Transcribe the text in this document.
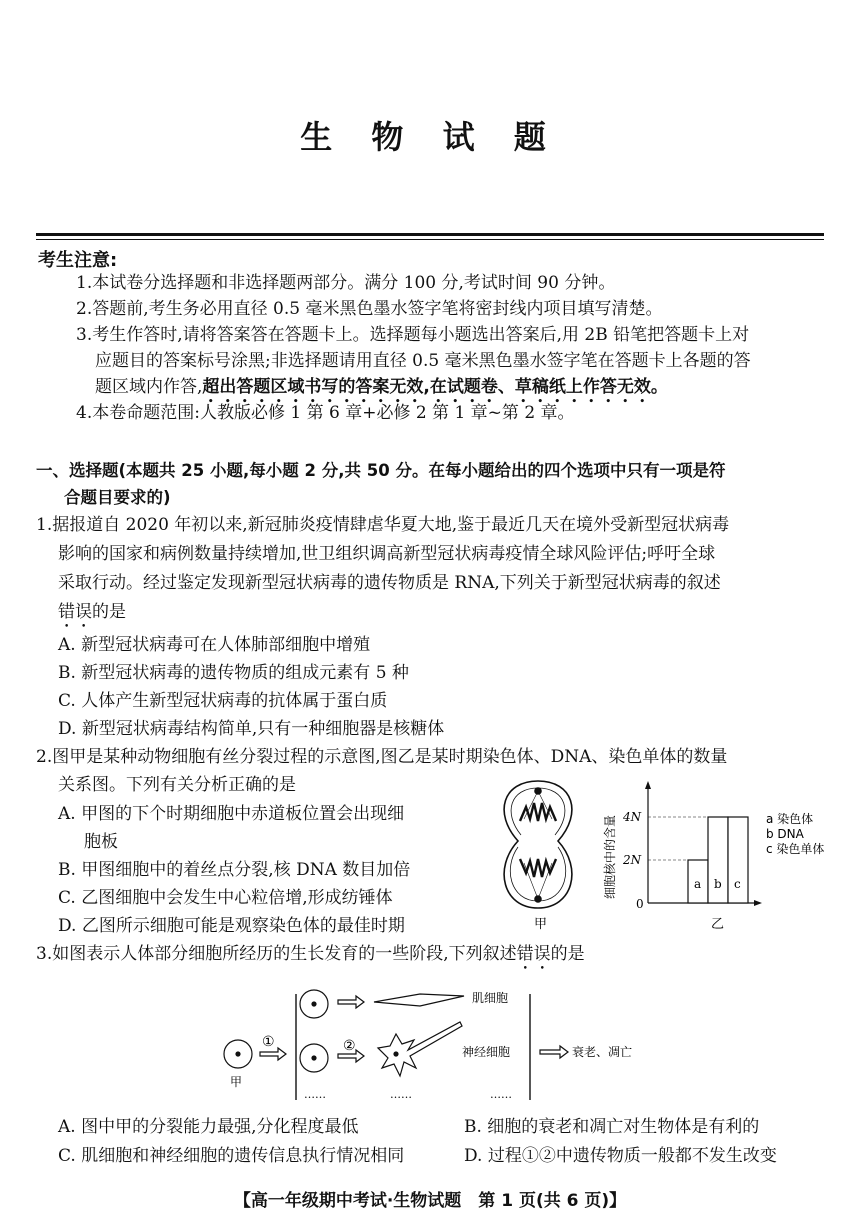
生 物 试 题
考生注意:
1.本试卷分选择题和非选择题两部分。满分 100 分,考试时间 90 分钟。
2.答题前,考生务必用直径 0.5 毫米黑色墨水签字笔将密封线内项目填写清楚。
3.考生作答时,请将答案答在答题卡上。选择题每小题选出答案后,用 2B 铅笔把答题卡上对
应题目的答案标号涂黑;非选择题请用直径 0.5 毫米黑色墨水签字笔在答题卡上各题的答
题区域内作答,超出答题区域书写的答案无效,在试题卷、草稿纸上作答无效。
4.本卷命题范围:人教版必修 1 第 6 章+必修 2 第 1 章~第 2 章。
一、选择题(本题共 25 小题,每小题 2 分,共 50 分。在每小题给出的四个选项中只有一项是符
合题目要求的)
1.据报道自 2020 年初以来,新冠肺炎疫情肆虐华夏大地,鉴于最近几天在境外受新型冠状病毒
影响的国家和病例数量持续增加,世卫组织调高新型冠状病毒疫情全球风险评估;呼吁全球
采取行动。经过鉴定发现新型冠状病毒的遗传物质是 RNA,下列关于新型冠状病毒的叙述
错误的是
A. 新型冠状病毒可在人体肺部细胞中增殖
B. 新型冠状病毒的遗传物质的组成元素有 5 种
C. 人体产生新型冠状病毒的抗体属于蛋白质
D. 新型冠状病毒结构简单,只有一种细胞器是核糖体
2.图甲是某种动物细胞有丝分裂过程的示意图,图乙是某时期染色体、DNA、染色单体的数量
关系图。下列有关分析正确的是
A. 甲图的下个时期细胞中赤道板位置会出现细
胞板
B. 甲图细胞中的着丝点分裂,核 DNA 数目加倍
C. 乙图细胞中会发生中心粒倍增,形成纺锤体
D. 乙图所示细胞可能是观察染色体的最佳时期	甲
a b c
4N
2N
0
细胞核中的含量	a 染色体
b DNA
c 染色单体
乙
3.如图表示人体部分细胞所经历的生长发育的一些阶段,下列叙述错误的是
肌细胞
神经细胞	衰老、凋亡
甲
①	②
……	……	……
A. 图中甲的分裂能力最强,分化程度最低	B. 细胞的衰老和凋亡对生物体是有利的
C. 肌细胞和神经细胞的遗传信息执行情况相同	D. 过程①②中遗传物质一般都不发生改变
【高一年级期中考试·生物试题　第 1 页(共 6 页)】
